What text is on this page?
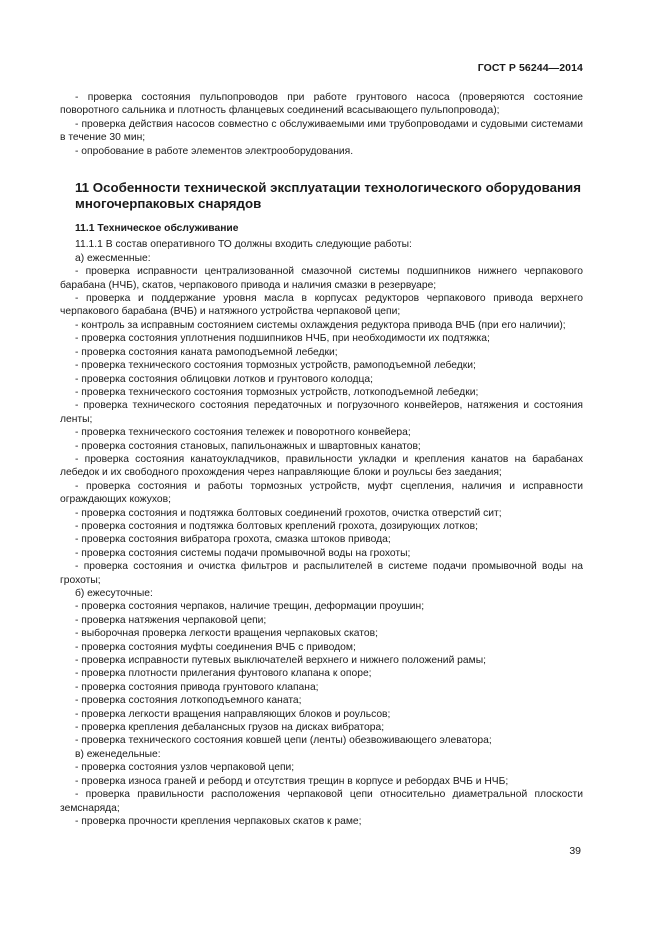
ГОСТ Р 56244—2014

- проверка состояния пульпопроводов при работе грунтового насоса (проверяются состояние поворотного сальника и плотность фланцевых соединений всасывающего пульпопровода);

- проверка действия насосов совместно с обслуживаемыми ими трубопроводами и судовыми системами в течение 30 мин;

- опробование в работе элементов электрооборудования.

11 Особенности технической эксплуатации технологического оборудования многочерпаковых снарядов
11.1 Техническое обслуживание

11.1.1 В состав оперативного ТО должны входить следующие работы:

а) ежесменные:

- проверка исправности централизованной смазочной системы подшипников нижнего черпакового барабана (НЧБ), скатов, черпакового привода и наличия смазки в резервуаре;

- проверка и поддержание уровня масла в корпусах редукторов черпакового привода верхнего черпакового барабана (ВЧБ) и натяжного устройства черпаковой цепи;

- контроль за исправным состоянием системы охлаждения редуктора привода ВЧБ (при его наличии);

- проверка состояния уплотнения подшипников НЧБ, при необходимости их подтяжка;

- проверка состояния каната рамоподъемной лебедки;

- проверка технического состояния тормозных устройств, рамоподъемной лебедки;

- проверка состояния облицовки лотков и грунтового колодца;

- проверка технического состояния тормозных устройств, лоткоподъемной лебедки;

- проверка технического состояния передаточных и погрузочного конвейеров, натяжения и состояния ленты;

- проверка технического состояния тележек и поворотного конвейера;

- проверка состояния становых, папильонажных и швартовных канатов;

- проверка состояния канатоукладчиков, правильности укладки и крепления канатов на барабанах лебедок и их свободного прохождения через направляющие блоки и роульсы без заедания;

- проверка состояния и работы тормозных устройств, муфт сцепления, наличия и исправности ограждающих кожухов;

- проверка состояния и подтяжка болтовых соединений грохотов, очистка отверстий сит;

- проверка состояния и подтяжка болтовых креплений грохота, дозирующих лотков;

- проверка состояния вибратора грохота, смазка штоков привода;

- проверка состояния системы подачи промывочной воды на грохоты;

- проверка состояния и очистка фильтров и распылителей в системе подачи промывочной воды на грохоты;

б) ежесуточные:

- проверка состояния черпаков, наличие трещин, деформации проушин;

- проверка натяжения черпаковой цепи;

- выборочная проверка легкости вращения черпаковых скатов;

- проверка состояния муфты соединения ВЧБ с приводом;

- проверка исправности путевых выключателей верхнего и нижнего положений рамы;

- проверка плотности прилегания фунтового клапана к опоре;

- проверка состояния привода грунтового клапана;

- проверка состояния лоткоподъемного каната;

- проверка легкости вращения направляющих блоков и роульсов;

- проверка крепления дебалансных грузов на дисках вибратора;

- проверка технического состояния ковшей цепи (ленты) обезвоживающего элеватора;

в) еженедельные:

- проверка состояния узлов черпаковой цепи;

- проверка износа граней и реборд и отсутствия трещин в корпусе и ребордах ВЧБ и НЧБ;

- проверка правильности расположения черпаковой цепи относительно диаметральной плоскости земснаряда;

- проверка прочности крепления черпаковых скатов к раме;

39
